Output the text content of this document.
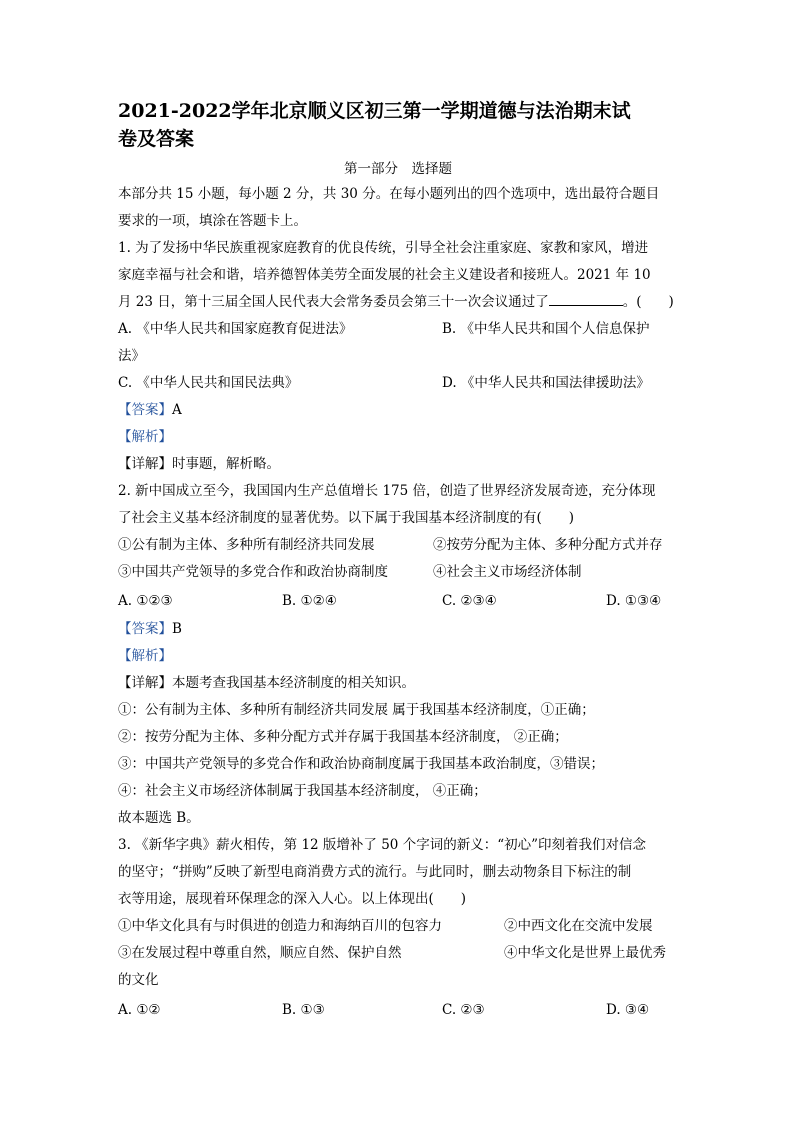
2021-2022学年北京顺义区初三第一学期道德与法治期末试

卷及答案

第一部分　选择题

本部分共 15 小题，每小题 2 分，共 30 分。在每小题列出的四个选项中，选出最符合题目

要求的一项，填涂在答题卡上。

1. 为了发扬中华民族重视家庭教育的优良传统，引导全社会注重家庭、家教和家风，增进

家庭幸福与社会和谐，培养德智体美劳全面发展的社会主义建设者和接班人。2021 年 10

月 23 日，第十三届全国人民代表大会常务委员会第三十一次会议通过了	。(　　)

A. 《中华人民共和国家庭教育促进法》	B. 《中华人民共和国个人信息保护

法》

C. 《中华人民共和国民法典》	D. 《中华人民共和国法律援助法》

【答案】A

【解析】

【详解】时事题，解析略。

2. 新中国成立至今，我国国内生产总值增长 175 倍，创造了世界经济发展奇迹，充分体现

了社会主义基本经济制度的显著优势。以下属于我国基本经济制度的有(　　)

①公有制为主体、多种所有制经济共同发展	②按劳分配为主体、多种分配方式并存
③中国共产党领导的多党合作和政治协商制度	④社会主义市场经济体制
A. ①②③	B. ①②④	C. ②③④	D. ①③④

【答案】B

【解析】

【详解】本题考查我国基本经济制度的相关知识。

①：公有制为主体、多种所有制经济共同发展 属于我国基本经济制度，①正确；

②：按劳分配为主体、多种分配方式并存属于我国基本经济制度， ②正确；

③：中国共产党领导的多党合作和政治协商制度属于我国基本政治制度，③错误；

④：社会主义市场经济体制属于我国基本经济制度， ④正确；

故本题选 B。

3. 《新华字典》薪火相传，第 12 版增补了 50 个字词的新义：“初心”印刻着我们对信念

的坚守；“拼购”反映了新型电商消费方式的流行。与此同时，删去动物条目下标注的制

衣等用途，展现着环保理念的深入人心。以上体现出(　　)

①中华文化具有与时俱进的创造力和海纳百川的包容力	②中西文化在交流中发展
③在发展过程中尊重自然，顺应自然、保护自然	④中华文化是世界上最优秀

的文化

A. ①②	B. ①③	C. ②③	D. ③④
